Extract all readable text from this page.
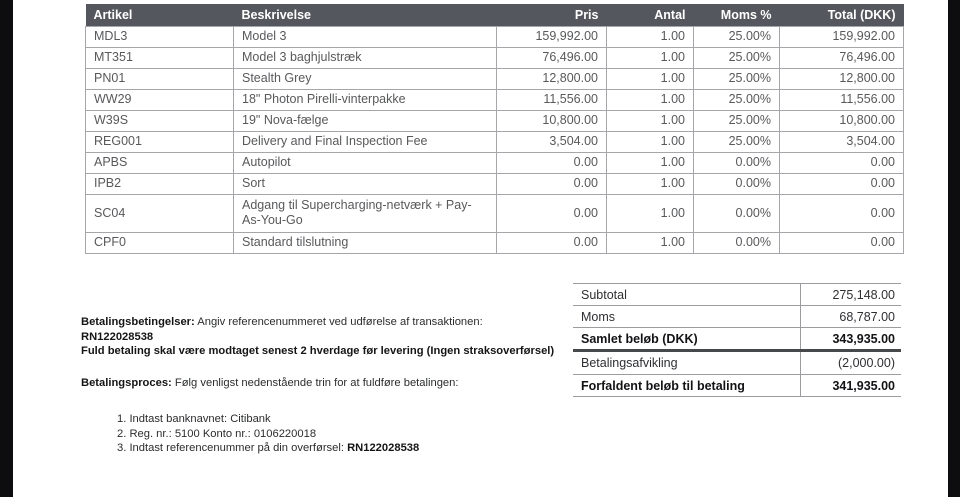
Artikel	Beskrivelse	Pris	Antal	Moms %	Total (DKK)
MDL3	Model 3	159,992.00	1.00	25.00%	159,992.00
MT351	Model 3 baghjulstræk	76,496.00	1.00	25.00%	76,496.00
PN01	Stealth Grey	12,800.00	1.00	25.00%	12,800.00
WW29	18" Photon Pirelli-vinterpakke	11,556.00	1.00	25.00%	11,556.00
W39S	19" Nova-fælge	10,800.00	1.00	25.00%	10,800.00
REG001	Delivery and Final Inspection Fee	3,504.00	1.00	25.00%	3,504.00
APBS	Autopilot	0.00	1.00	0.00%	0.00
IPB2	Sort	0.00	1.00	0.00%	0.00
SC04	Adgang til Supercharging-netværk + Pay-As-You-Go	0.00	1.00	0.00%	0.00
CPF0	Standard tilslutning	0.00	1.00	0.00%	0.00
Subtotal	275,148.00
Moms	68,787.00
Samlet beløb (DKK)	343,935.00
Betalingsafvikling	(2,000.00)
Forfaldent beløb til betaling	341,935.00
Betalingsbetingelser: Angiv referencenummeret ved udførelse af transaktionen:
RN122028538
Fuld betaling skal være modtaget senest 2 hverdage før levering (Ingen straksoverførsel)
Betalingsproces: Følg venligst nedenstående trin for at fuldføre betalingen:
1. Indtast banknavnet: Citibank
2. Reg. nr.: 5100 Konto nr.: 0106220018
3. Indtast referencenummer på din overførsel: RN122028538
